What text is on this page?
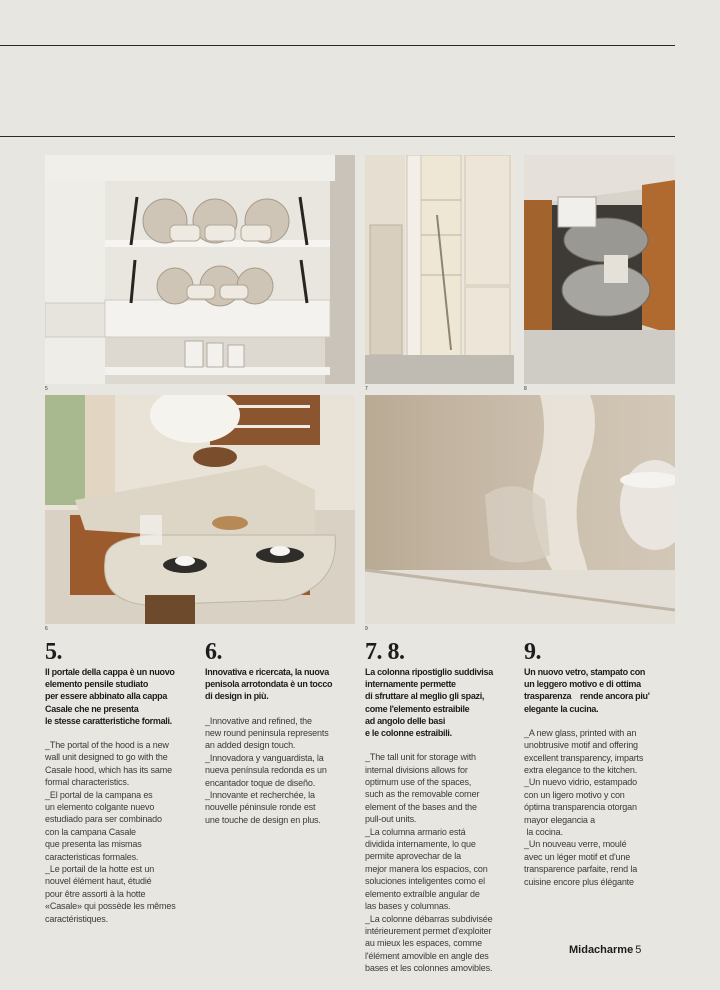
5	7	8
6	9
5.
Il portale della cappa è un nuovo
elemento pensile studiato
per essere abbinato alla cappa
Casale che ne presenta
le stesse caratteristiche formali.

_The portal of the hood is a new

wall unit designed to go with the

Casale hood, which has its same

formal characteristics.

_El portal de la campana es

un elemento colgante nuevo

estudiado para ser combinado

con la campana Casale

que presenta las mismas

caracteristicas formales.

_Le portail de la hotte est un

nouvel élément haut, étudié

pour être assorti à la hotte

«Casale» qui possède les mêmes

caractéristiques.

6.
Innovativa e ricercata, la nuova
penisola arrotondata è un tocco
di design in più.

_Innovative and refined, the

new round peninsula represents

an added design touch.

_Innovadora y vanguardista, la

nueva península redonda es un

encantador toque de diseño.

_Innovante et recherchée, la

nouvelle péninsule ronde est

une touche de design en plus.

7. 8.
La colonna ripostiglio suddivisa
internamente permette
di sfruttare al meglio gli spazi,
come l'elemento estraibile
ad angolo delle basi
e le colonne estraibili.

_The tall unit for storage with

internal divisions allows for

optimum use of the spaces,

such as the removable corner

element of the bases and the

pull-out units.

_La columna armario está

dividida internamente, lo que

permite aprovechar de la

mejor manera los espacios, con

soluciones inteligentes como el

elemento extraíble angular de

las bases y columnas.

_La colonne débarras subdivisée

intérieurement permet d'exploiter

au mieux les espaces, comme

l'élément amovible en angle des

bases et les colonnes amovibles.

9.
Un nuovo vetro, stampato con
un leggero motivo e di ottima
trasparenza    rende ancora piu'
elegante la cucina.

_A new glass, printed with an

unobtrusive motif and offering

excellent transparency, imparts

extra elegance to the kitchen.

_Un nuevo vidrio, estampado

con un ligero motivo y con

óptima transparencia otorgan

mayor elegancia a

la cocina.

_Un nouveau verre, moulé

avec un léger motif et d'une

transparence parfaite, rend la

cuisine encore plus élégante

Midacharme 5
